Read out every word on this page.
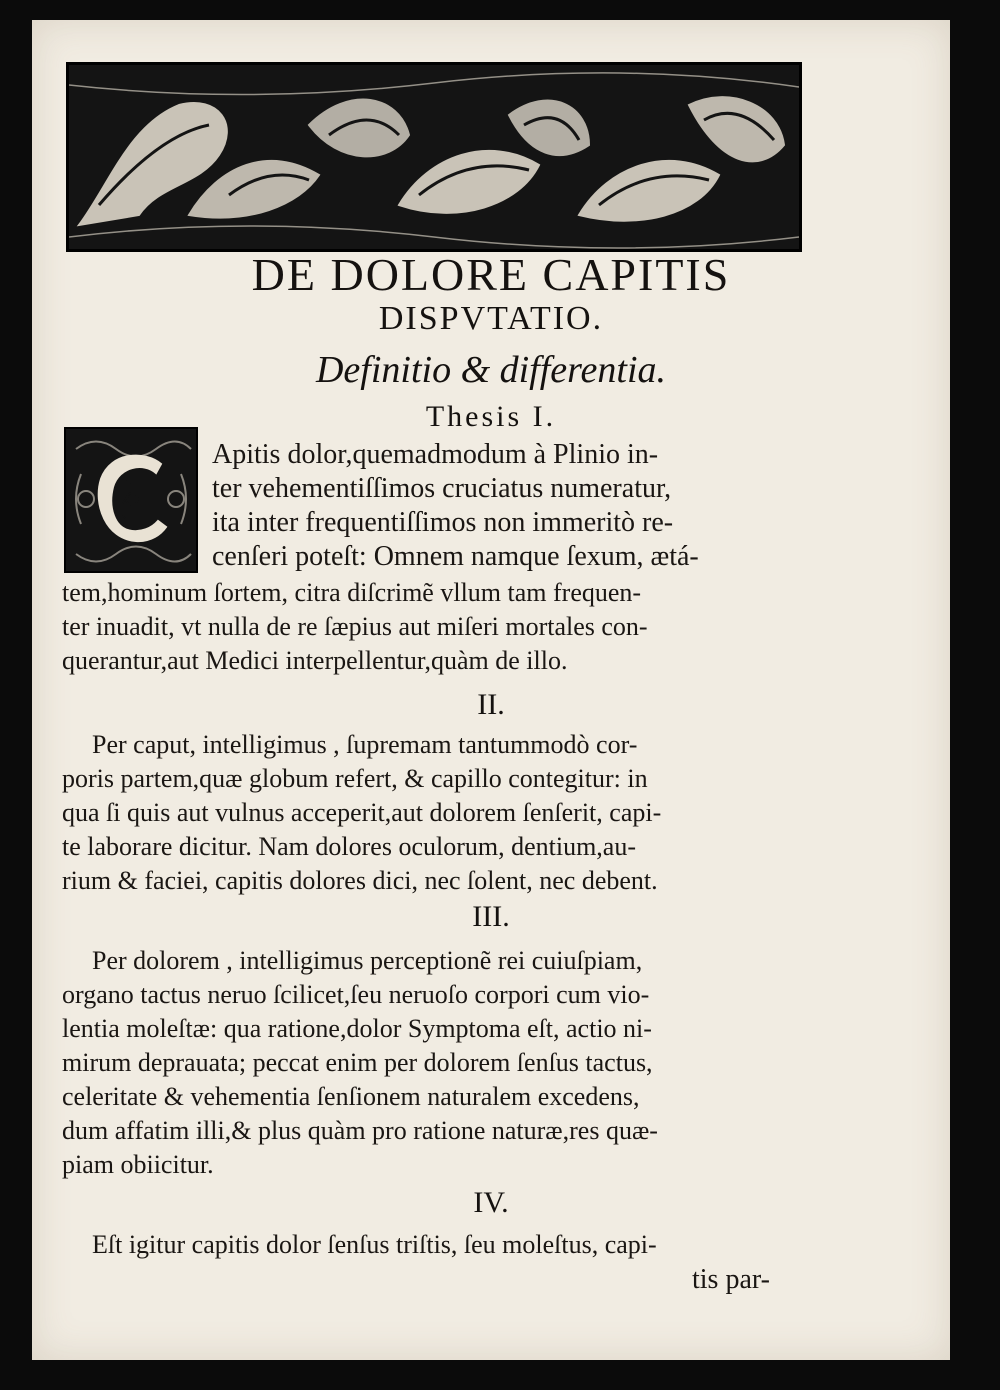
DE DOLORE CAPITIS
DISPVTATIO.
Definitio & differentia.
Thesis I.
Apitis dolor,quemadmodum à Plinio in-
ter vehementiſſimos cruciatus numeratur,
ita inter frequentiſſimos non immeritò re-
cenſeri poteſt: Omnem namque ſexum, ætá-
tem,hominum ſortem, citra diſcrimẽ vllum tam frequen-
ter inuadit, vt nulla de re ſæpius aut miſeri mortales con-
querantur,aut Medici interpellentur,quàm de illo.
II.
Per caput, intelligimus , ſupremam tantummodò cor-
poris partem,quæ globum refert, & capillo contegitur: in
qua ſi quis aut vulnus acceperit,aut dolorem ſenſerit, capi-
te laborare dicitur. Nam dolores oculorum, dentium,au-
rium & faciei, capitis dolores dici, nec ſolent, nec debent.
III.
Per dolorem , intelligimus perceptionẽ rei cuiuſpiam,
organo tactus neruo ſcilicet,ſeu neruoſo corpori cum vio-
lentia moleſtæ: qua ratione,dolor Symptoma eſt, actio ni-
mirum deprauata; peccat enim per dolorem ſenſus tactus,
celeritate & vehementia ſenſionem naturalem excedens,
dum affatim illi,& plus quàm pro ratione naturæ,res quæ-
piam obiicitur.
IV.
Eſt igitur capitis dolor ſenſus triſtis, ſeu moleſtus, capi-
tis par-
